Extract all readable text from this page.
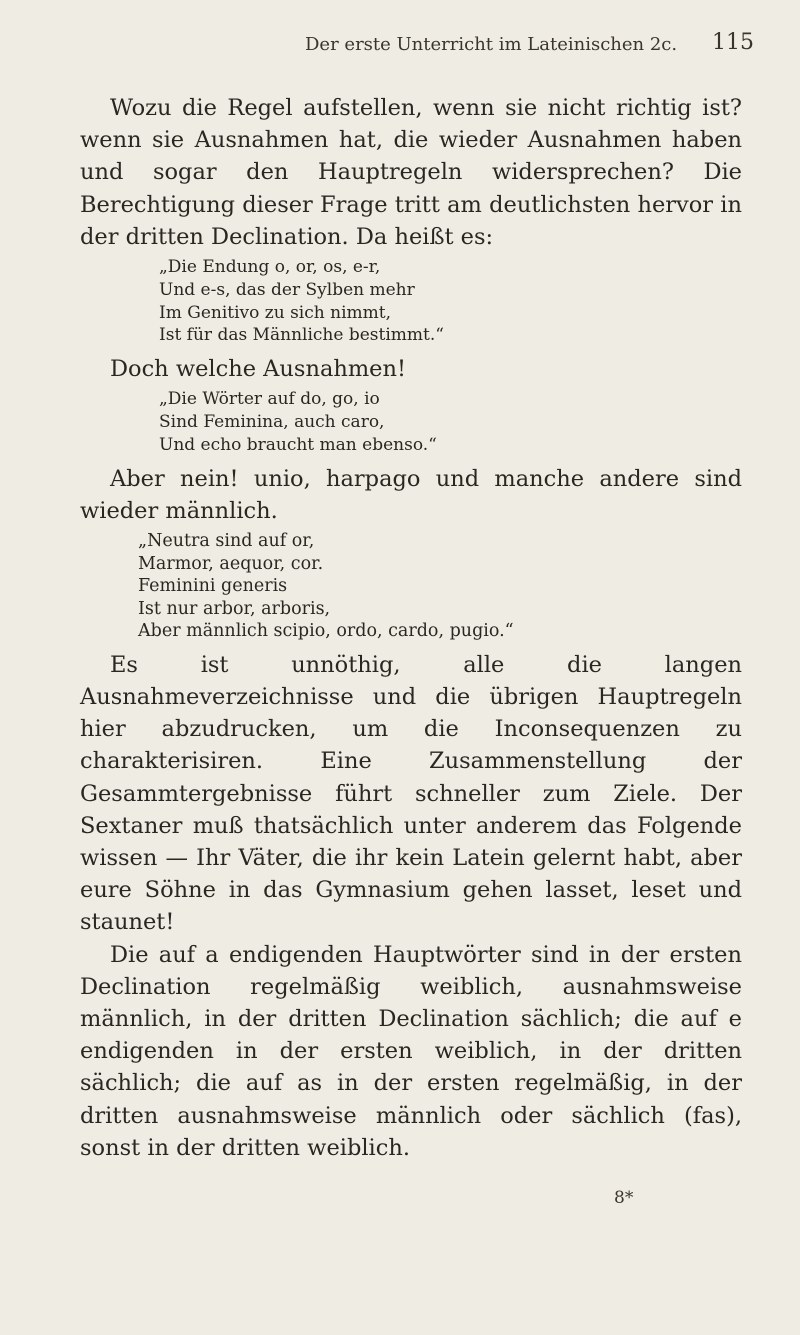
Der erste Unterricht im Lateinischen 2c. 115

Wozu die Regel aufstellen, wenn sie nicht richtig ist? wenn sie Ausnahmen hat, die wieder Ausnahmen haben und sogar den Hauptregeln widersprechen? Die Berechtigung dieser Frage tritt am deutlichsten hervor in der dritten Declination. Da heißt es:

„Die Endung o, or, os, e-r,

Und e-s, das der Sylben mehr

Im Genitivo zu sich nimmt,

Ist für das Männliche bestimmt.“

Doch welche Ausnahmen!

„Die Wörter auf do, go, io

Sind Feminina, auch caro,

Und echo braucht man ebenso.“

Aber nein! unio, harpago und manche andere sind wieder männlich.

„Neutra sind auf or,

Marmor, aequor, cor.

Feminini generis

Ist nur arbor, arboris,

Aber männlich scipio, ordo, cardo, pugio.“

Es ist unnöthig, alle die langen Ausnahmeverzeichnisse und die übrigen Hauptregeln hier abzudrucken, um die Inconsequenzen zu charakterisiren. Eine Zusammenstellung der Gesammtergebnisse führt schneller zum Ziele. Der Sextaner muß thatsächlich unter anderem das Folgende wissen — Ihr Väter, die ihr kein Latein gelernt habt, aber eure Söhne in das Gymnasium gehen lasset, leset und staunet!

Die auf a endigenden Hauptwörter sind in der ersten Declination regelmäßig weiblich, ausnahmsweise männlich, in der dritten Declination sächlich; die auf e endigenden in der ersten weiblich, in der dritten sächlich; die auf as in der ersten regelmäßig, in der dritten ausnahmsweise männlich oder sächlich (fas), sonst in der dritten weiblich.

8*
